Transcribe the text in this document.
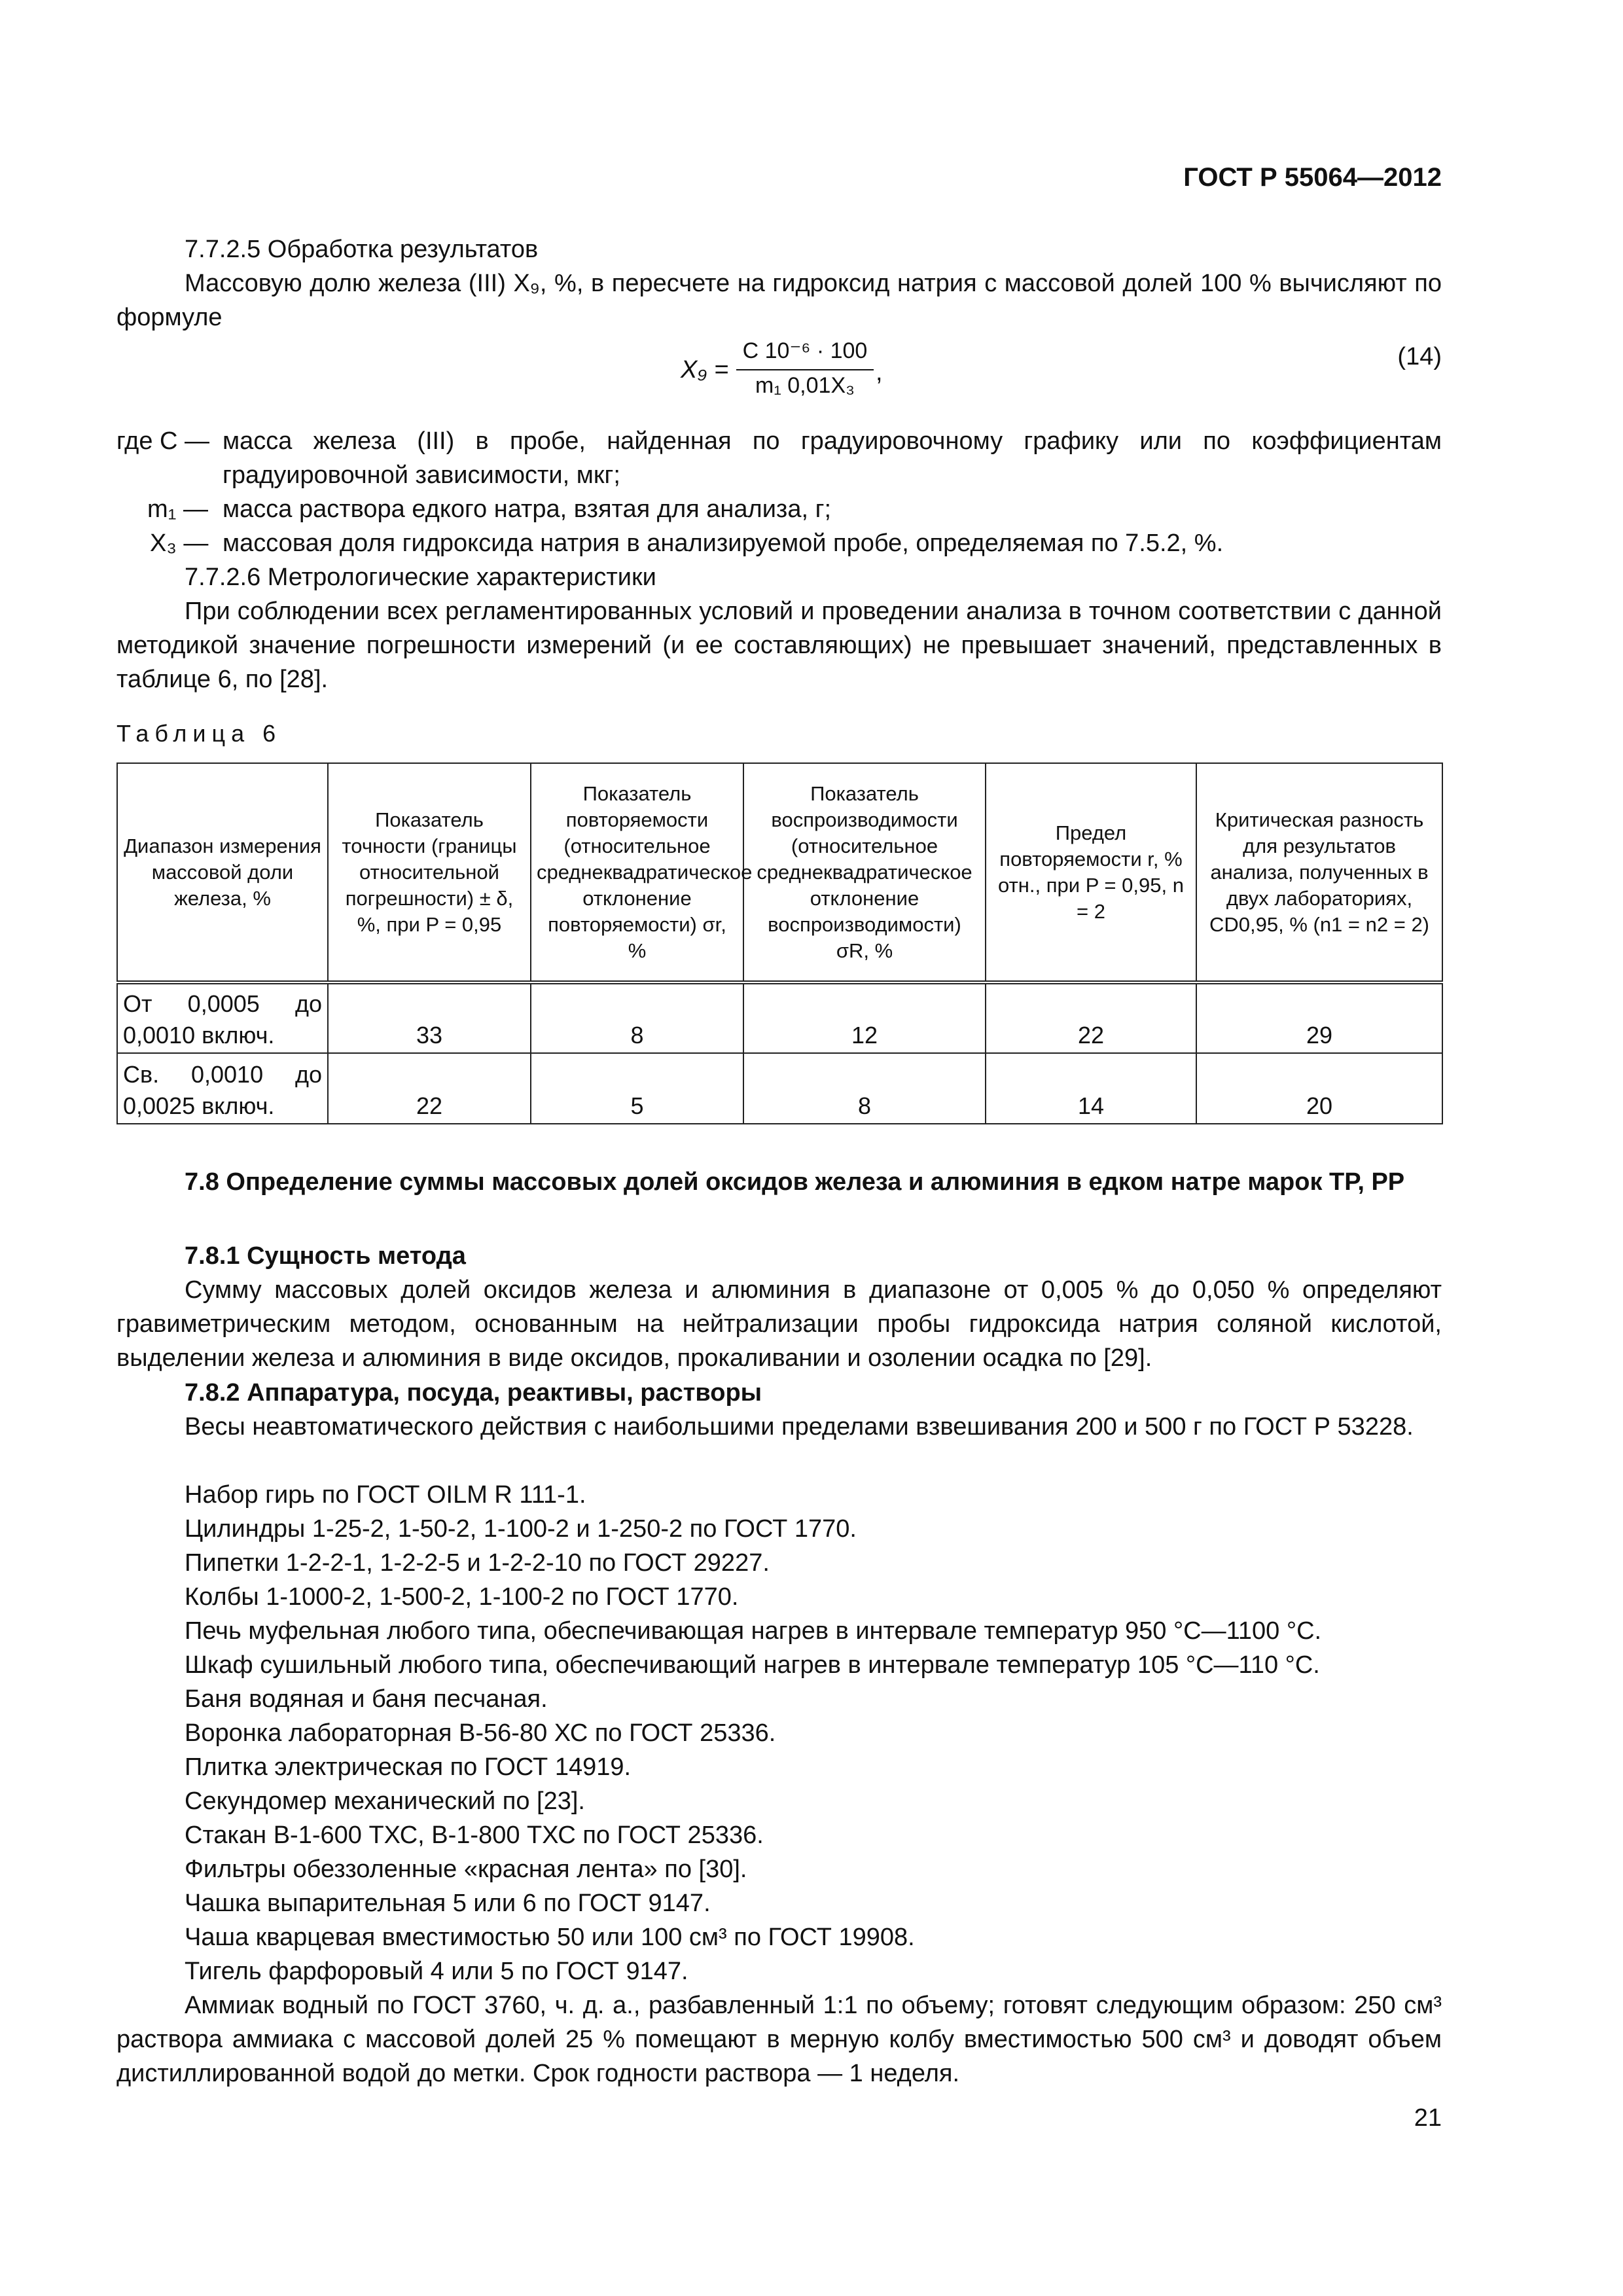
ГОСТ Р 55064—2012
7.7.2.5 Обработка результатов
Массовую долю железа (III) X₉, %, в пересчете на гидроксид натрия с массовой долей 100 % вычисляют по формуле
X₉ =
C 10⁻⁶ · 100
m₁ 0,01X₃ ,
(14)
где C — масса железа (III) в пробе, найденная по градуировочному графику или по коэффициентам градуировочной зависимости, мкг;
m₁ — масса раствора едкого натра, взятая для анализа, г;
X₃ — массовая доля гидроксида натрия в анализируемой пробе, определяемая по 7.5.2, %.
7.7.2.6 Метрологические характеристики
При соблюдении всех регламентированных условий и проведении анализа в точном соответствии с данной методикой значение погрешности измерений (и ее составляющих) не превышает значений, представленных в таблице 6, по [28].
Таблица 6
Диапазон измерения массовой доли железа, %	Показатель точности (границы относительной погрешности) ± δ, %, при P = 0,95	Показатель повторяемости (относительное среднеквадратическое отклонение повторяемости) σr, %	Показатель воспроизводимости (относительное среднеквадратическое отклонение воспроизводимости) σR, %	Предел повторяемости r, % отн., при P = 0,95, n = 2	Критическая разность для результатов анализа, полученных в двух лабораториях, CD0,95, % (n1 = n2 = 2)
От 0,0005 до 0,0010 включ.	33	8	12	22	29
Св. 0,0010 до 0,0025 включ.	22	5	8	14	20
7.8 Определение суммы массовых долей оксидов железа и алюминия в едком натре марок ТР, РР
7.8.1 Сущность метода
Сумму массовых долей оксидов железа и алюминия в диапазоне от 0,005 % до 0,050 % определяют гравиметрическим методом, основанным на нейтрализации пробы гидроксида натрия соляной кислотой, выделении железа и алюминия в виде оксидов, прокаливании и озолении осадка по [29].
7.8.2 Аппаратура, посуда, реактивы, растворы
Весы неавтоматического действия с наибольшими пределами взвешивания 200 и 500 г по ГОСТ Р 53228.
Набор гирь по ГОСТ OILM R 111-1.
Цилиндры 1-25-2, 1-50-2, 1-100-2 и 1-250-2 по ГОСТ 1770.
Пипетки 1-2-2-1, 1-2-2-5 и 1-2-2-10 по ГОСТ 29227.
Колбы 1-1000-2, 1-500-2, 1-100-2 по ГОСТ 1770.
Печь муфельная любого типа, обеспечивающая нагрев в интервале температур 950 °С—1100 °С.
Шкаф сушильный любого типа, обеспечивающий нагрев в интервале температур 105 °С—110 °С.
Баня водяная и баня песчаная.
Воронка лабораторная В-56-80 ХС по ГОСТ 25336.
Плитка электрическая по ГОСТ 14919.
Секундомер механический по [23].
Стакан В-1-600 ТХС, В-1-800 ТХС по ГОСТ 25336.
Фильтры обеззоленные «красная лента» по [30].
Чашка выпарительная 5 или 6 по ГОСТ 9147.
Чаша кварцевая вместимостью 50 или 100 см³ по ГОСТ 19908.
Тигель фарфоровый 4 или 5 по ГОСТ 9147.
Аммиак водный по ГОСТ 3760, ч. д. а., разбавленный 1:1 по объему; готовят следующим образом: 250 см³ раствора аммиака с массовой долей 25 % помещают в мерную колбу вместимостью 500 см³ и доводят объем дистиллированной водой до метки. Срок годности раствора — 1 неделя.
21
